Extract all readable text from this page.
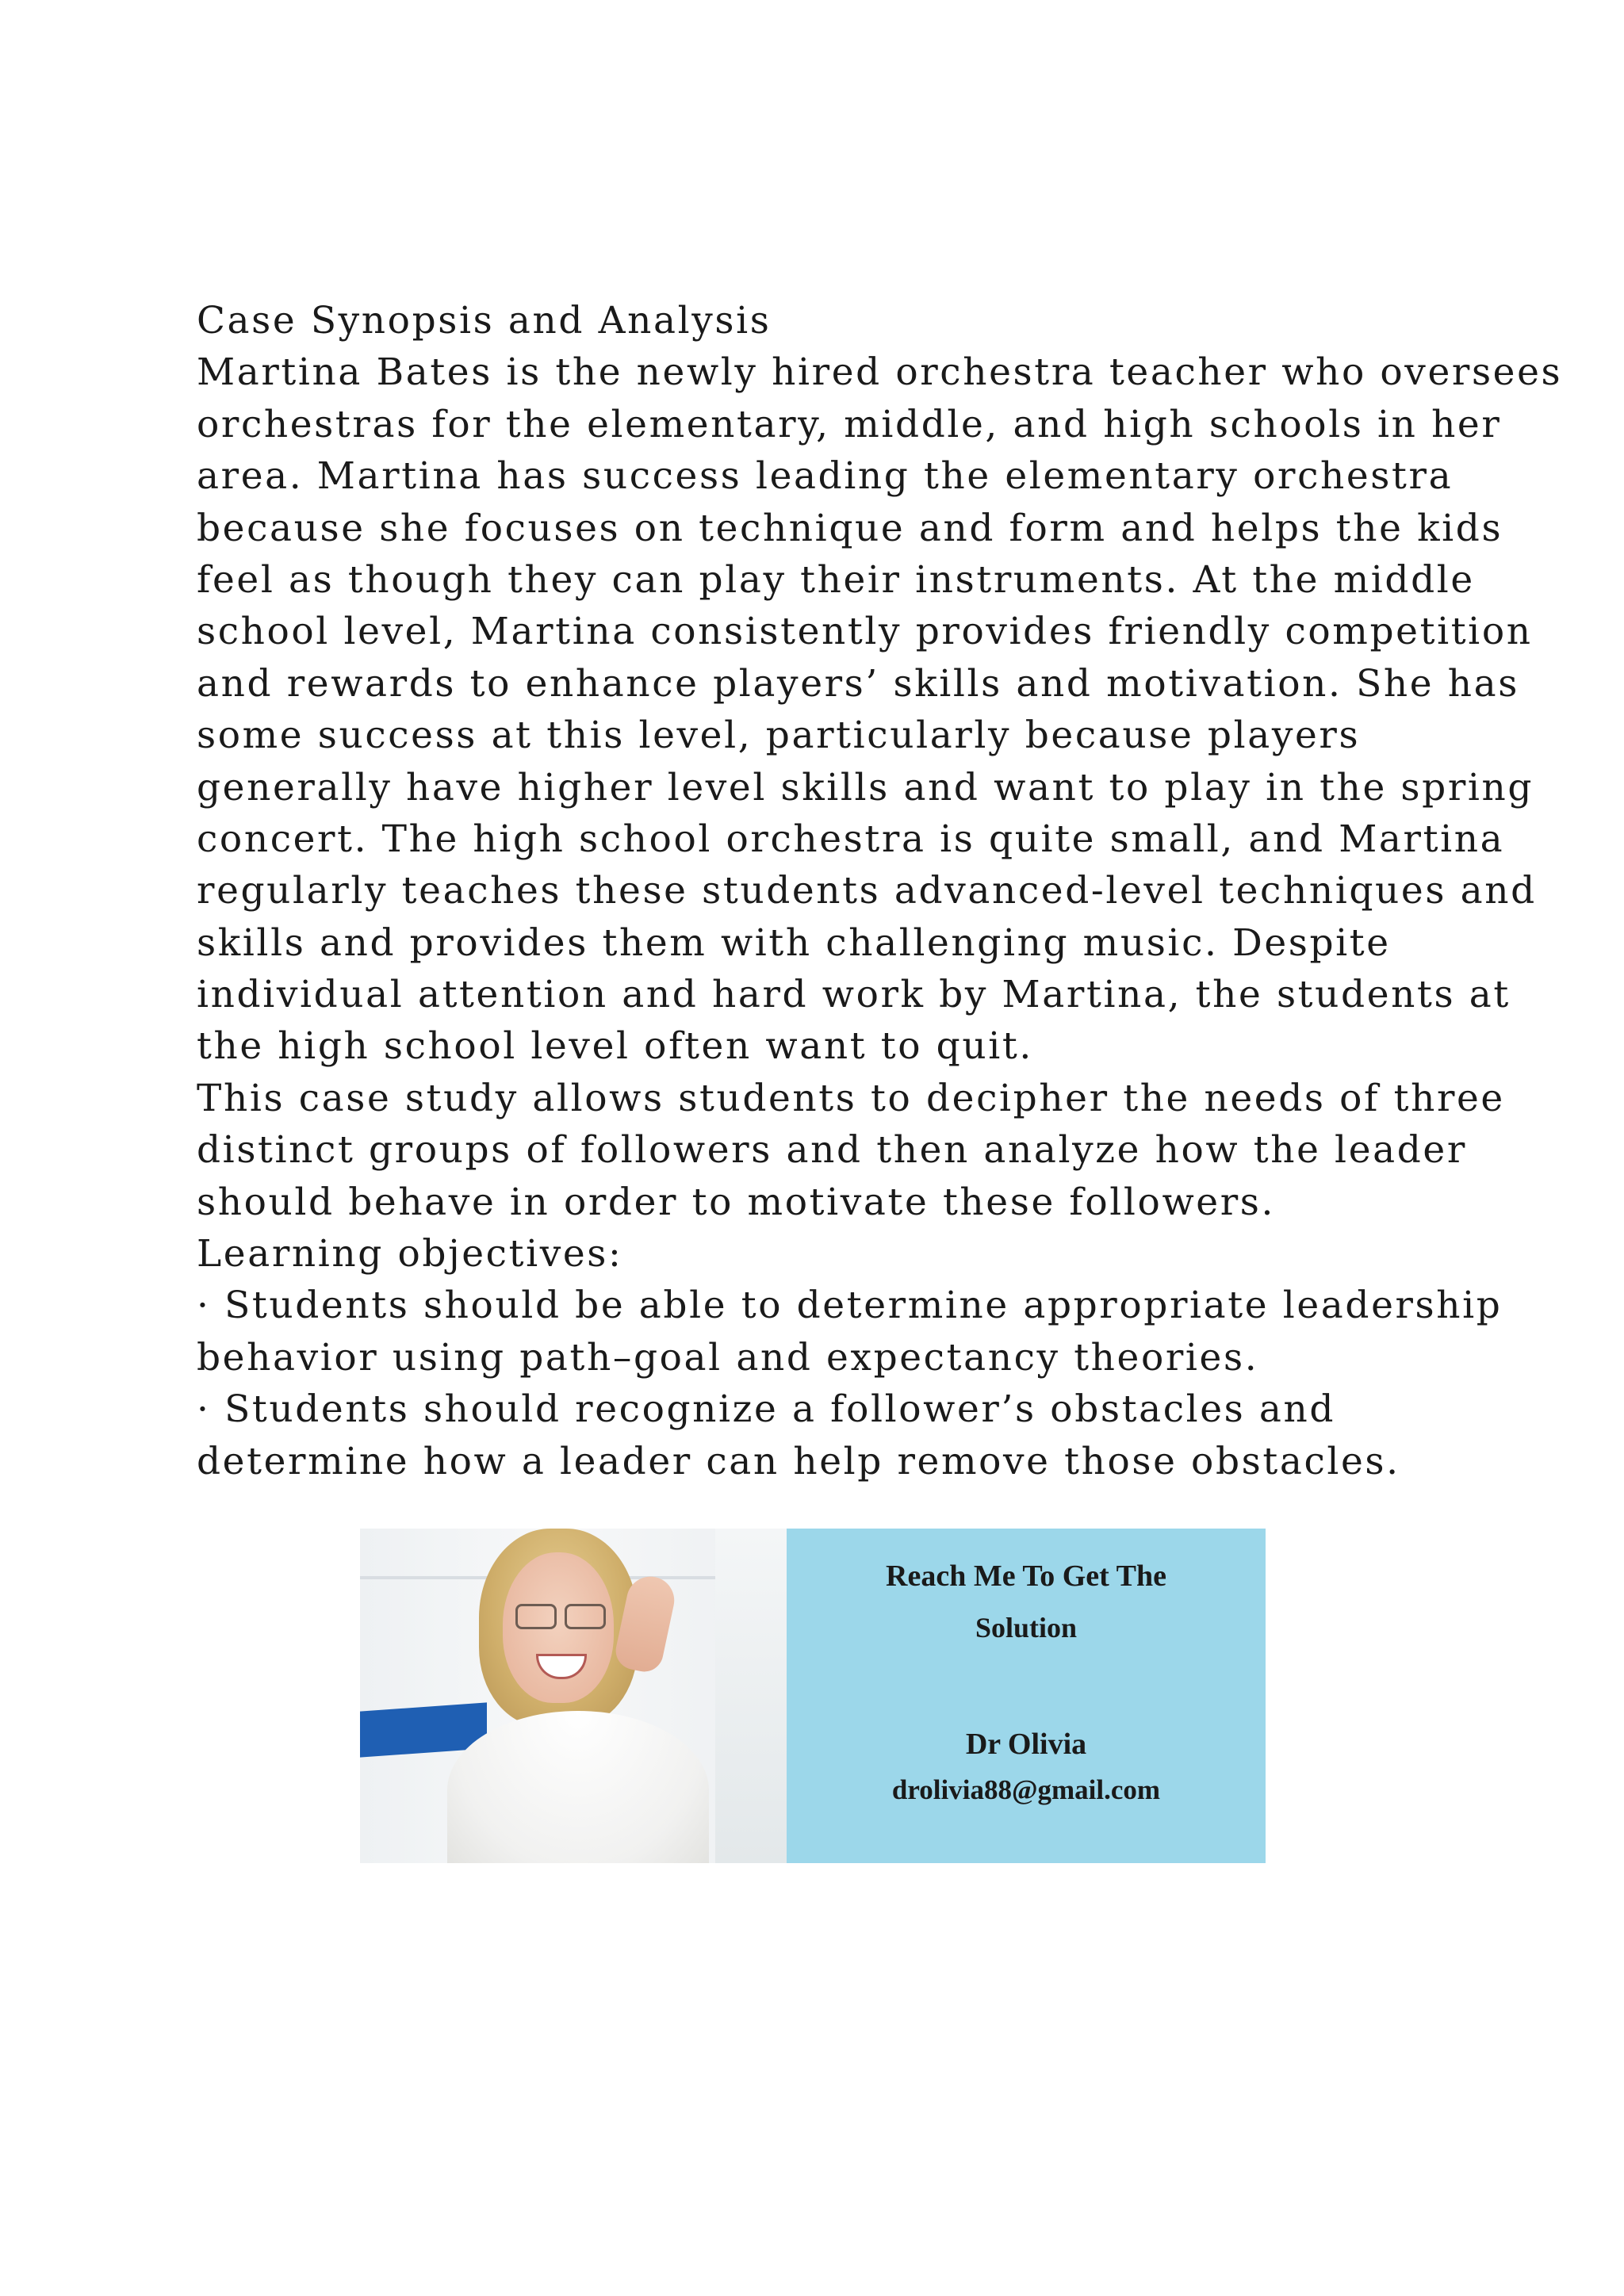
Case Synopsis and Analysis
Martina Bates is the newly hired orchestra teacher who oversees
orchestras for the elementary, middle, and high schools in her
area. Martina has success leading the elementary orchestra
because she focuses on technique and form and helps the kids
feel as though they can play their instruments. At the middle
school level, Martina consistently provides friendly competition
and rewards to enhance players’ skills and motivation. She has
some success at this level, particularly because players
generally have higher level skills and want to play in the spring
concert. The high school orchestra is quite small, and Martina
regularly teaches these students advanced-level techniques and
skills and provides them with challenging music. Despite
individual attention and hard work by Martina, the students at
the high school level often want to quit.
This case study allows students to decipher the needs of three
distinct groups of followers and then analyze how the leader
should behave in order to motivate these followers.
Learning objectives:
· Students should be able to determine appropriate leadership
behavior using path–goal and expectancy theories.
· Students should recognize a follower’s obstacles and
determine how a leader can help remove those obstacles.
Reach Me To Get The
Solution
Dr Olivia
drolivia88@gmail.com
